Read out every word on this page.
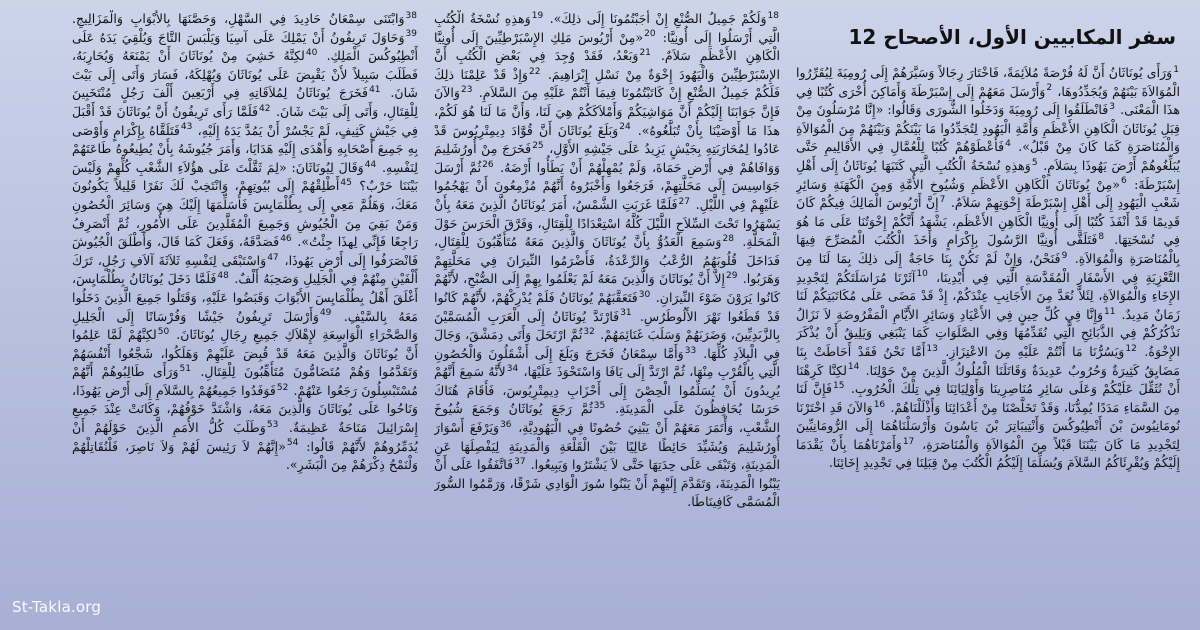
سفر المكابيين الأول، الأصحاح 12
$^1$وَرَأَى يُونَاثَانُ أَنَّ لَهُ فُرْصَةً مُلاَئِمَةً، فَاخْتَارَ رِجَالاً وَسَيَّرَهُمْ إِلَى رُومِيَةَ لِيُقَرِّرُوا الْمُوَالاَةَ بَيْنَهُمْ وَيُجَدِّدُوهَا، $^2$وَأَرْسَلَ مَعَهُمْ إِلَى إِسْبَرْطَةَ وَأَمَاكِنَ أُخْرَى كُتُبًا فِي هذَا الْمَعْنَى. $^3$فَانْطَلَقُوا إِلَى رُومِيَةَ وَدَخَلُوا الشُّورَى وَقَالُوا: «إِنَّا مُرْسَلُونَ مِنْ قِبَلِ يُونَاثَانَ الْكَاهِنِ الأَعْظَمِ وَأُمَّةِ الْيَهُودِ لِتُجَدِّدُوا مَا بَيْنَكُمْ وَبَيْنَهُمْ مِنَ الْمُوَالاَةِ وَالْمُنَاصَرَةِ كَمَا كَانَ مِنْ قَبْلُ». $^4$فَأَعْطَوْهُمْ كُتُبًا لِلْعُمَّالِ فِي الأَقَالِيمِ حَتَّى يُبَلِّغُوهُمْ أَرْضَ يَهُوذَا بِسَلاَمٍ. $^5$وَهذِهِ نُسْخَةُ الْكُتُبِ الَّتِي كَتَبَهَا يُونَاثَانُ إِلَى أَهْلِ إِسْبَرْطَةَ: $^6$«مِنْ يُونَاثَانَ الْكَاهِنِ الأَعْظَمِ وَشُيُوخِ الأُمَّةِ وَمِنَ الْكَهَنَةِ وَسَائِرِ شَعْبِ الْيَهُودِ إِلَى أَهْلِ إِسْبَرْطَةَ إِخْوَتِهِمْ سَلاَمٌ. $^7$إِنَّ أَرْيُوسَ الْمَالِكَ فِيكُمْ كَانَ قَدِيمًا قَدْ أَنْفَذَ كُتُبًا إِلَى أُونِيَّا الْكَاهِنِ الأَعْظَمِ، يَشْهَدُ أَنَّكُمْ إِخْوَتُنَا عَلَى مَا هُوَ فِي نُسْخَتِهَا. $^8$فَتَلَقَّى أُونِيَّا الرَّسُولَ بِإِكْرَامٍ وَأَخَذَ الْكُتُبَ الْمُصَرِّحَ فِيهَا بِالْمُنَاصَرَةِ وَالْمُوَالاَةِ. $^9$فَنَحْنُ، وَإِنْ لَمْ تَكُنْ بِنَا حَاجَةٌ إِلَى ذلِكَ بِمَا لَنَا مِنَ التَّعْزِيَةِ فِي الأَسْفَارِ الْمُقَدَّسَةِ الَّتِي فِي أَيْدِينَا، $^{10}$آثَرْنَا مُرَاسَلَتَكُمْ لِتَجْدِيدِ الإِخَاءِ وَالْمُوَالاَةِ، لِئَلاَّ نُعَدَّ مِنَ الأَجَانِبِ عِنْدَكُمْ، إِذْ قَدْ مَضَى عَلَى مُكَاتَبَتِكُمْ لَنَا زَمَانٌ مَدِيدٌ. $^{11}$وَإِنَّا فِي كُلِّ حِينٍ فِي الأَعْيَادِ وَسَائِرِ الأَيَّامِ الْمَفْرُوضَةِ لاَ نَزَالُ نَذْكُرُكُمْ فِي الذَّبَائِحِ الَّتِي نُقَدِّمُهَا وَفِي الصَّلَوَاتِ كَمَا يَنْبَغِي وَيَلِيقُ أَنْ يُذْكَرَ الإِخْوَةُ. $^{12}$وَيَسُرُّنَا مَا أَنْتُمْ عَلَيْهِ مِنَ الاعْتِزَازِ. $^{13}$أَمَّا نَحْنُ فَقَدْ أَحَاطَتْ بِنَا مَضَايِقُ كَثِيرَةٌ وَحُرُوبٌ عَدِيدَةٌ وَقَاتَلَنَا الْمُلُوكُ الَّذِينَ مِنْ حَوْلِنَا. $^{14}$لكِنَّا كَرِهْنَا أَنْ نُثَقِّلَ عَلَيْكُمْ وَعَلَى سَائِرِ مُنَاصِرِينَا وَأَوْلِيَائِنَا فِي تِلْكَ الْحُرُوبِ. $^{15}$فَإِنَّ لَنَا مِنَ السَّمَاءِ مَدَدًا يُمِدُّنَا، وَقَدْ تَخَلَّصْنَا مِنْ أَعْدَائِنَا وَأَذْلَلْنَاهُمْ. $^{16}$وَالآنَ قَدِ اخْتَرْنَا نُومَانِيُوسَ بْنَ أَنْطِيُوكُسَ وَأَنْتِيبَاتِرَ بْنَ يَاسُونَ وَأَرْسَلْنَاهُمَا إِلَى الرُّومَانِيِّينَ لِتَجْدِيدِ مَا كَانَ بَيْنَنَا قَبْلاً مِنَ الْمُوَالاَةِ وَالْمُنَاصَرَةِ، $^{17}$وَأَمَرْنَاهُمَا بِأَنْ يَقْدَمَا إِلَيْكُمْ وَيُقْرِئَاكُمُ السَّلاَمَ وَيُسَلِّمَا إِلَيْكُمُ الْكُتُبَ مِنْ قِبَلِنَا فِي تَجْدِيدِ إِخَائِنَا.
$^{18}$وَلَكُمْ جَمِيلُ الصُّنْعِ إِنْ أَجَبْتُمُونَا إِلَى ذلِكَ». $^{19}$وَهذِهِ نُسْخَةُ الْكُتُبِ الَّتِي أَرْسَلُوا إِلَى أُونِيَّا: $^{20}$«مِنْ أَرْيُوسَ مَلِكِ الإِسْبَرْطِيِّينَ إِلَى أُونِيَّا الْكَاهِنِ الأَعْظَمِ سَلاَمٌ. $^{21}$وَبَعْدُ، فَقَدْ وُجِدَ فِي بَعْضِ الْكُتُبِ أَنَّ الإِسْبَرْطِيِّينَ وَالْيَهُودَ إِخْوَةٌ مِنْ نَسْلِ إِبْرَاهِيمَ. $^{22}$وَإِذْ قَدْ عَلِمْنَا ذلِكَ فَلَكُمْ جَمِيلُ الصُّنْعِ إِنْ كَاتَبْتُمُونَا فِيمَا أَنْتُمْ عَلَيْهِ مِنَ السَّلاَمِ. $^{23}$وَالآنَ فَإِنَّ جَوَابَنَا إِلَيْكُمْ أَنَّ مَوَاشِيَكُمْ وَأَمْلاَكَكُمْ هِيَ لَنَا، وَأَنَّ مَا لَنَا هُوَ لَكُمْ، هذَا مَا أَوْصَيْنَا بِأَنْ تُبَلَّغُوهُ». $^{24}$وَبَلَغَ يُونَاثَانَ أَنَّ قُوَّادَ دِيمِتْرِيُوسَ قَدْ عَادُوا لِمُحَارَبَتِهِ بِجَيْشٍ يَزِيدُ عَلَى جَيْشِهِ الأَوَّلِ، $^{25}$فَخَرَجَ مِنْ أُورُشَلِيمَ وَوَافَاهُمْ فِي أَرْضِ حَمَاةَ، وَلَمْ يُمْهِلْهُمْ أَنْ يَطَأُوا أَرْضَهُ. $^{26}$ثُمَّ أَرْسَلَ جَوَاسِيسَ إِلَى مَحَلَّتِهِمْ، فَرَجَعُوا وَأَخْبَرُوهُ أَنَّهُمْ مُزْمِعُونَ أَنْ يَهْجُمُوا عَلَيْهِمْ فِي اللَّيْلِ. $^{27}$فَلَمَّا غَرَبَتِ الشَّمْسُ، أَمَرَ يُونَاثَانُ الَّذِينَ مَعَهُ بِأَنْ يَسْهَرُوا تَحْتَ السِّلاَحِ اللَّيْلَ كُلَّهُ اسْتِعْدَادًا لِلْقِتَالِ، وَفَرَّقَ الْحَرَسَ حَوْلَ الْمَحَلَّةِ. $^{28}$وَسَمِعَ الْعَدُوُّ بِأَنَّ يُونَاثَانَ وَالَّذِينَ مَعَهُ مُتَأَهِّبُونَ لِلْقِتَالِ، فَدَاخَلَ قُلُوبَهُمُ الرُّعْبُ وَالرِّعْدَةُ، فَأَضْرَمُوا النِّيرَانَ فِي مَحَلَّتِهِمْ وَهَرَبُوا. $^{29}$إِلاَّ أَنَّ يُونَاثَانَ وَالَّذِينَ مَعَهُ لَمْ يَعْلَمُوا بِهِمْ إِلَى الصُّبْحِ، لأَنَّهُمْ كَانُوا يَرَوْنَ ضَوْءَ النِّيرَانِ. $^{30}$فَتَعَقَّبَهُمْ يُونَاثَانُ فَلَمْ يُدْرِكْهُمْ، لأَنَّهُمْ كَانُوا قَدْ قَطَعُوا نَهْرَ الأَلُوطَرُسِ. $^{31}$فَارْتَدَّ يُونَاثَانُ إِلَى الْعَرَبِ الْمُسَمَّيْنَ بِالزَّبَدِيِّينَ، وَضَرَبَهُمْ وَسَلَبَ غَنَائِمَهُمْ. $^{32}$ثُمَّ ارْتَحَلَ وَأَتَى دِمَشْقَ، وَجَالَ فِي الْبِلاَدِ كُلِّهَا. $^{33}$وَأَمَّا سِمْعَانُ فَخَرَجَ وَبَلَغَ إِلَى أَشْقَلُونَ وَالْحُصُونِ الَّتِي بِالْقُرْبِ مِنْهَا، ثُمَّ ارْتَدَّ إِلَى يَافَا وَاسْتَحْوَذَ عَلَيْهَا، $^{34}$لأَنَّهُ سَمِعَ أَنَّهُمْ يُرِيدُونَ أَنْ يُسَلِّمُوا الْحِصْنَ إِلَى أَحْزَابِ دِيمِتْرِيُوسَ، فَأَقَامَ هُنَاكَ حَرَسًا يُحَافِظُونَ عَلَى الْمَدِينَةِ. $^{35}$ثُمَّ رَجَعَ يُونَاثَانُ وَجَمَعَ شُيُوخَ الشَّعْبِ، وَأْتَمَرَ مَعَهُمْ أَنْ يَبْنِيَ حُصُونًا فِي الْيَهُودِيَّةِ، $^{36}$وَيَرْفَعَ أَسْوَارَ أُورُشَلِيمَ وَيُشَيِّدَ حَائِطًا عَالِيًا بَيْنَ الْقَلْعَةِ وَالْمَدِينَةِ لِيَفْصِلَهَا عَنِ الْمَدِينَةِ، وَتَبْقَى عَلَى حِدَتِهَا حَتَّى لاَ يَشْتَرُوا وَيَبِيعُوا. $^{37}$فَاتَّفَقُوا عَلَى أَنْ يَبْنُوا الْمَدِينَةَ، وَتَقَدَّمَ إِلَيْهِمْ أَنْ يَبْنُوا سُورَ الْوَادِي شَرْقًا، وَرَمَّمُوا السُّورَ الْمُسَمَّى كَافِينَاطَا.
$^{38}$وَابْتَنَى سِمْعَانُ حَادِيدَ فِي السَّهْلِ، وَحَصَّنَهَا بِالأَبْوَابِ وَالْمَزَالِيجِ. $^{39}$وَحَاوَلَ تَرِيفُونُ أَنْ يَمْلِكَ عَلَى آسِيَا وَيَلْبَسَ التَّاجَ وَيُلْقِيَ يَدَهُ عَلَى أَنْطِيُوكُسَ الْمَلِكِ. $^{40}$لكِنَّهُ خَشِيَ مِنْ يُونَاثَانَ أَنْ يَمْنَعَهُ وَيُحَارِبَهُ، فَطَلَبَ سَبِيلاً لأَنْ يَقْبِضَ عَلَى يُونَاثَانَ وَيُهْلِكَهُ، فَسَارَ وَأَتَى إِلَى بَيْتَ شَانَ. $^{41}$فَخَرَجَ يُونَاثَانُ لِمُلاَقَاتِهِ فِي أَرْبَعِينَ أَلْفَ رَجُلٍ مُنْتَخَبِينَ لِلْقِتَالِ، وَأَتَى إِلَى بَيْتَ شَانَ. $^{42}$فَلَمَّا رَأَى تَرِيفُونُ أَنَّ يُونَاثَانَ قَدْ أَقْبَلَ فِي جَيْشٍ كَثِيفٍ، لَمْ يَجْسُرْ أَنْ يَمُدَّ يَدَهُ إِلَيْهِ، $^{43}$فَتَلَقَّاهُ بِإِكْرَامٍ وَأَوْصَى بِهِ جَمِيعَ أَصْحَابِهِ وَأَهْدَى إِلَيْهِ هَدَايَا، وَأَمَرَ جُيُوشَهُ بِأَنْ يُطِيعُوهُ طَاعَتَهُمْ لِنَفْسِهِ. $^{44}$وَقَالَ لِيُونَاثَانَ: «لِمَ ثَقَّلْتَ عَلَى هؤُلاَءِ الشَّعْبِ كُلِّهِمْ وَلَيْسَ بَيْنَنَا حَرْبٌ؟ $^{45}$أَطْلِقْهُمْ إِلَى بُيُوتِهِمْ، وَانْتَخِبْ لَكَ نَفَرًا قَلِيلاً يَكُونُونَ مَعَكَ، وَهَلُمَّ مَعِي إِلَى بِطُلْمَايِسَ فَأُسَلِّمَهَا إِلَيْكَ هِيَ وَسَائِرَ الْحُصُونِ وَمَنْ بَقِيَ مِنَ الْجُيُوشِ وَجَمِيعَ الْمُقَلَّدِينَ عَلَى الأُمُورِ، ثُمَّ أَنْصَرِفُ رَاجِعًا فَإِنِّي لِهذَا جِئْتُ». $^{46}$فَصَدَّقَهُ، وَفَعَلَ كَمَا قَالَ، وَأَطْلَقَ الْجُيُوشَ فَانْصَرَفُوا إِلَى أَرْضِ يَهُوذَا، $^{47}$وَاسْتَبْقَى لِنَفْسِهِ ثَلاَثَةَ آلاَفِ رَجُلٍ، تَرَكَ أَلْفَيْنِ مِنْهُمْ فِي الْجَلِيلِ وَصَحِبَهُ أَلْفٌ. $^{48}$فَلَمَّا دَخَلَ يُونَاثَانُ بِطُلْمَايِسَ، أَغْلَقَ أَهْلُ بِطُلْمَايِسَ الأَبْوَابَ وَقَبَضُوا عَلَيْهِ، وَقَتَلُوا جَمِيعَ الَّذِينَ دَخَلُوا مَعَهُ بِالسَّيْفِ. $^{49}$وَأَرْسَلَ تَرِيفُونُ جَيْشًا وَفُرْسَانًا إِلَى الْجَلِيلِ وَالصَّحْرَاءِ الْوَاسِعَةِ لإِهْلاَكِ جَمِيعِ رِجَالِ يُونَاثَانَ. $^{50}$لكِنَّهُمْ لَمَّا عَلِمُوا أَنَّ يُونَاثَانَ وَالَّذِينَ مَعَهُ قَدْ قُبِضَ عَلَيْهِمْ وَهَلَكُوا، شَجَّعُوا أَنْفُسَهُمْ وَتَقَدَّمُوا وَهُمْ مُتَضَامُّونَ مُتَأَهِّبُونَ لِلْقِتَالِ. $^{51}$وَرَأَى طَالِبُوهُمْ أَنَّهُمْ مُسْتَبْسِلُونَ رَجَعُوا عَنْهُمْ. $^{52}$فَوَفَدُوا جَمِيعُهُمْ بِالسَّلاَمِ إِلَى أَرْضِ يَهُوذَا، وَنَاحُوا عَلَى يُونَاثَانَ وَالَّذِينَ مَعَهُ، وَاشْتَدَّ خَوْفُهُمْ، وَكَانَتْ عِنْدَ جَمِيعِ إِسْرَائِيلَ مَنَاحَةٌ عَظِيمَةٌ. $^{53}$وَطَلَبَ كُلُّ الأُمَمِ الَّذِينَ حَوْلَهُمْ أَنْ يُدَمِّرُوهُمْ لأَنَّهُمْ قَالُوا: $^{54}$«إِنَّهُمْ لاَ رَئِيسَ لَهُمْ وَلاَ نَاصِرَ، فَلْنُقَاتِلْهُمْ وَلْنَمْحُ ذِكْرَهُمْ مِنَ الْبَشَرِ».
St-Takla.org
